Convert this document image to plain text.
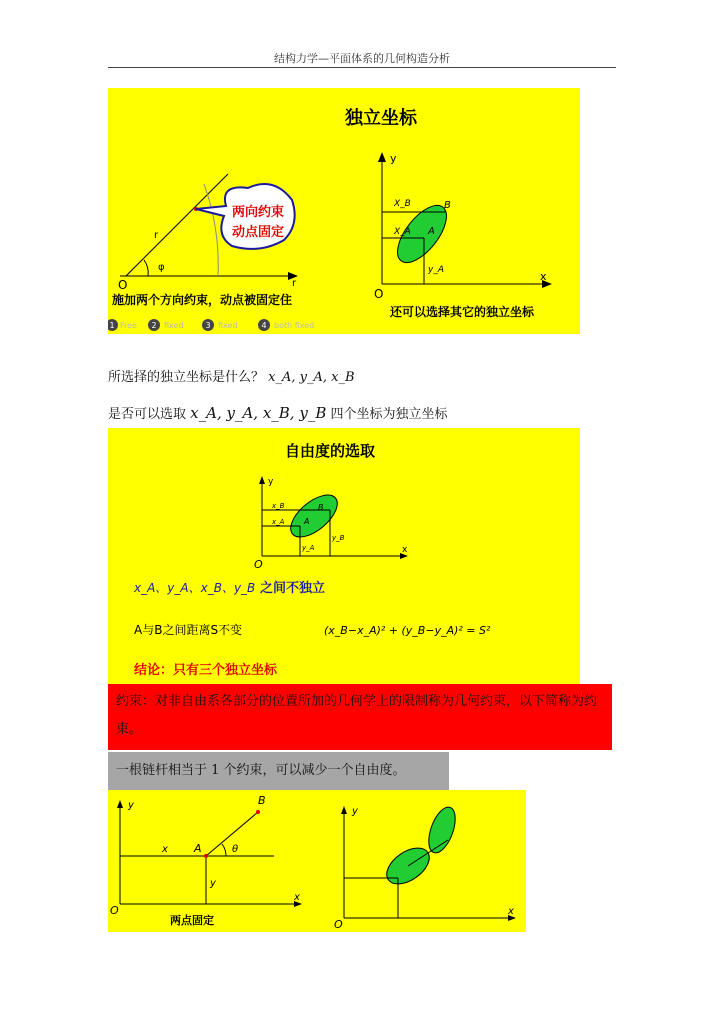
结构力学—平面体系的几何构造分析
独立坐标
r
φ
O	r
两向约束
动点固定
施加两个方向约束，动点被固定住
1 Free 2 fixed	3 fixed	4 both fixed
y
x
O
X_B
X_A A
B
y_A
还可以选择其它的独立坐标
所选择的独立坐标是什么？ x_A, y_A, x_B
是否可以选取 x_A, y_A, x_B, y_B 四个坐标为独立坐标
自由度的选取
y
x
O
x_B
x_A A
B
y_A
y_B
x_A、y_A、x_B、y_B 之间不独立
A与B之间距离S不变	(x_B−x_A)² + (y_B−y_A)² = S²
结论：只有三个独立坐标
约束：对非自由系各部分的位置所加的几何学上的限制称为几何约束，以下简称为约束。
一根链杆相当于 1 个约束，可以减少一个自由度。
y
x
O
B
A	θ
x
y
两点固定
y
x
O
